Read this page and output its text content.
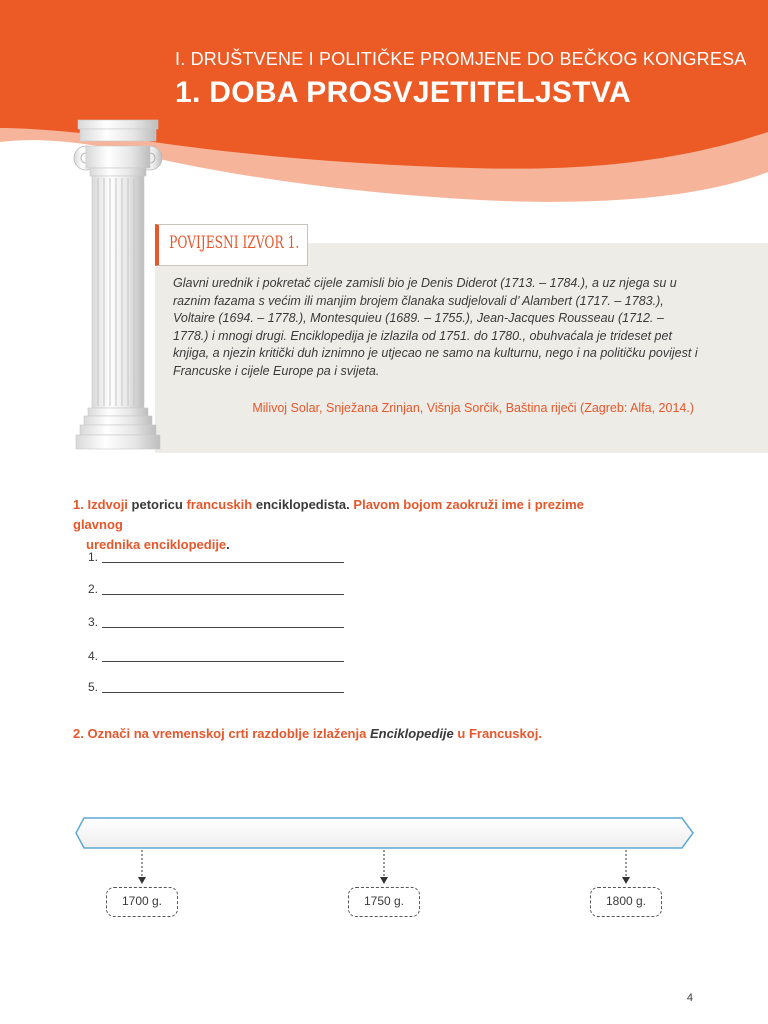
I. DRUŠTVENE I POLITIČKE PROMJENE DO BEČKOG KONGRESA
1. DOBA PROSVJETITELJSTVA
POVIJESNI IZVOR 1.
Glavni urednik i pokretač cijele zamisli bio je Denis Diderot (1713. – 1784.), a uz njega su u raznim fazama s većim ili manjim brojem članaka sudjelovali d’ Alambert (1717. – 1783.), Voltaire (1694. – 1778.), Montesquieu (1689. – 1755.), Jean-Jacques Rousseau (1712. – 1778.) i mnogi drugi. Enciklopedija je izlazila od 1751. do 1780., obuhvaćala je trideset pet knjiga, a njezin kritički duh iznimno je utjecao ne samo na kulturnu, nego i na političku povijest i Francuske i cijele Europe pa i svijeta.
Milivoj Solar, Snježana Zrinjan, Višnja Sorčik, Baština riječi (Zagreb: Alfa, 2014.)
1. Izdvoji petoricu francuskih enciklopedista. Plavom bojom zaokruži ime i prezime glavnog
urednika enciklopedije.
1.
2.
3.
4.
5.
2. Označi na vremenskoj crti razdoblje izlaženja Enciklopedije u Francuskoj.
1700 g.	1750 g.	1800 g.
4
